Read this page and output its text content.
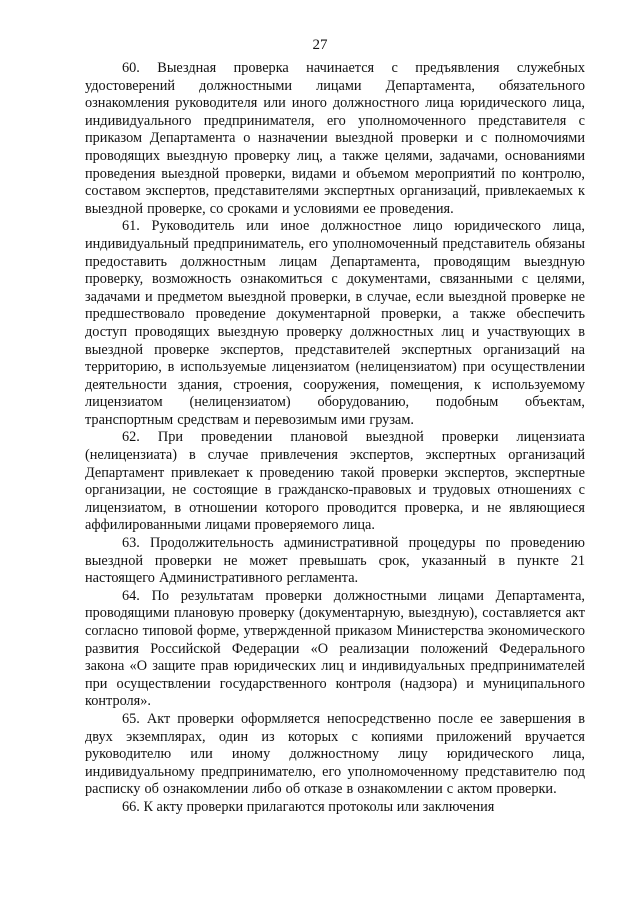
27

60. Выездная проверка начинается с предъявления служебных удостоверений должностными лицами Департамента, обязательного ознакомления руководителя или иного должностного лица юридического лица, индивидуального предпринимателя, его уполномоченного представителя с приказом Департамента о назначении выездной проверки и с полномочиями проводящих выездную проверку лиц, а также целями, задачами, основаниями проведения выездной проверки, видами и объемом мероприятий по контролю, составом экспертов, представителями экспертных организаций, привлекаемых к выездной проверке, со сроками и условиями ее проведения.

61. Руководитель или иное должностное лицо юридического лица, индивидуальный предприниматель, его уполномоченный представитель обязаны предоставить должностным лицам Департамента, проводящим выездную проверку, возможность ознакомиться с документами, связанными с целями, задачами и предметом выездной проверки, в случае, если выездной проверке не предшествовало проведение документарной проверки, а также обеспечить доступ проводящих выездную проверку должностных лиц и участвующих в выездной проверке экспертов, представителей экспертных организаций на территорию, в используемые лицензиатом (нелицензиатом) при осуществлении деятельности здания, строения, сооружения, помещения, к используемому лицензиатом (нелицензиатом) оборудованию, подобным объектам, транспортным средствам и перевозимым ими грузам.

62. При проведении плановой выездной проверки лицензиата (нелицензиата) в случае привлечения экспертов, экспертных организаций Департамент привлекает к проведению такой проверки экспертов, экспертные организации, не состоящие в гражданско-правовых и трудовых отношениях с лицензиатом, в отношении которого проводится проверка, и не являющиеся аффилированными лицами проверяемого лица.

63. Продолжительность административной процедуры по проведению выездной проверки не может превышать срок, указанный в пункте 21 настоящего Административного регламента.

64. По результатам проверки должностными лицами Департамента, проводящими плановую проверку (документарную, выездную), составляется акт согласно типовой форме, утвержденной приказом Министерства экономического развития Российской Федерации «О реализации положений Федерального закона «О защите прав юридических лиц и индивидуальных предпринимателей при осуществлении государственного контроля (надзора) и муниципального контроля».

65. Акт проверки оформляется непосредственно после ее завершения в двух экземплярах, один из которых с копиями приложений вручается руководителю или иному должностному лицу юридического лица, индивидуальному предпринимателю, его уполномоченному представителю под расписку об ознакомлении либо об отказе в ознакомлении с актом проверки.

66. К акту проверки прилагаются протоколы или заключения
